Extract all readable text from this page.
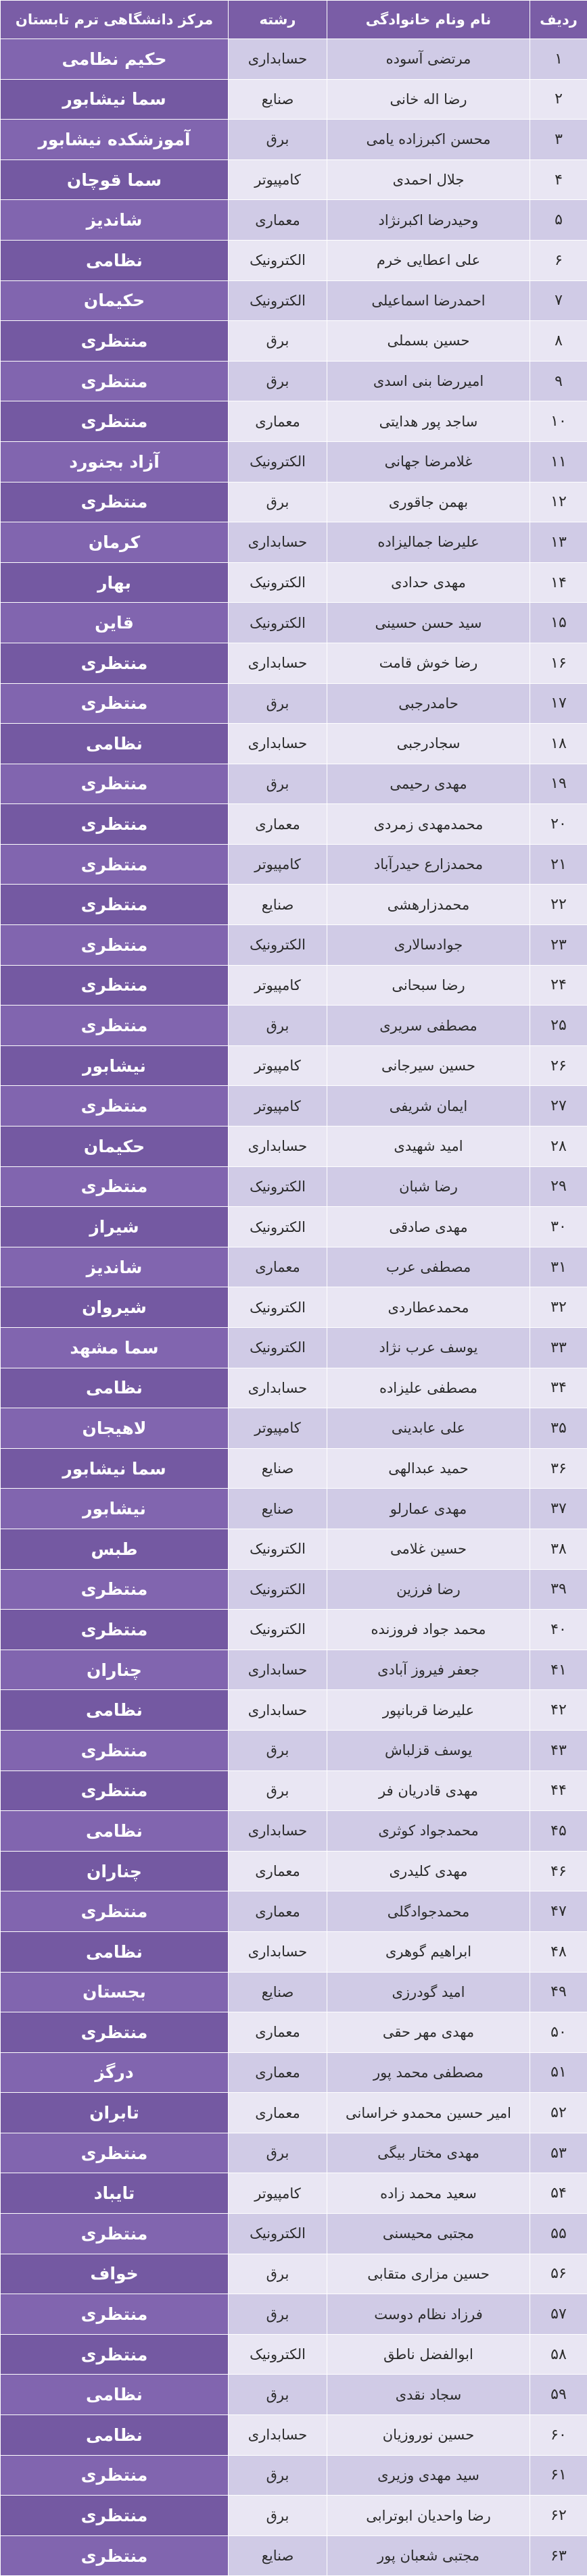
ردیف	نام ونام خانوادگی	رشته	مرکز دانشگاهی ترم تابستان
۱	مرتضی آسوده	حسابداری	حکیم نظامی
۲	رضا اله خانی	صنایع	سما نیشابور
۳	محسن اکبرزاده یامی	برق	آموزشکده نیشابور
۴	جلال احمدی	کامپیوتر	سما قوچان
۵	وحیدرضا اکبرنژاد	معماری	شاندیز
۶	علی اعطایی خرم	الکترونیک	نظامی
۷	احمدرضا اسماعیلی	الکترونیک	حکیمان
۸	حسین بسملی	برق	منتظری
۹	امیررضا بنی اسدی	برق	منتظری
۱۰	ساجد پور هدایتی	معماری	منتظری
۱۱	غلامرضا جهانی	الکترونیک	آزاد بجنورد
۱۲	بهمن جاقوری	برق	منتظری
۱۳	علیرضا جمالیزاده	حسابداری	کرمان
۱۴	مهدی حدادی	الکترونیک	بهار
۱۵	سید حسن حسینی	الکترونیک	قاین
۱۶	رضا خوش قامت	حسابداری	منتظری
۱۷	حامدرجبی	برق	منتظری
۱۸	سجادرجبی	حسابداری	نظامی
۱۹	مهدی رحیمی	برق	منتظری
۲۰	محمدمهدی زمردی	معماری	منتظری
۲۱	محمدزارع حیدرآباد	کامپیوتر	منتظری
۲۲	محمدزارهشی	صنایع	منتظری
۲۳	جوادسالاری	الکترونیک	منتظری
۲۴	رضا سبحانی	کامپیوتر	منتظری
۲۵	مصطفی سریری	برق	منتظری
۲۶	حسین سیرجانی	کامپیوتر	نیشابور
۲۷	ایمان شریفی	کامپیوتر	منتظری
۲۸	امید شهیدی	حسابداری	حکیمان
۲۹	رضا شبان	الکترونیک	منتظری
۳۰	مهدی صادقی	الکترونیک	شیراز
۳۱	مصطفی عرب	معماری	شاندیز
۳۲	محمدعطاردی	الکترونیک	شیروان
۳۳	یوسف عرب نژاد	الکترونیک	سما مشهد
۳۴	مصطفی علیزاده	حسابداری	نظامی
۳۵	علی عابدینی	کامپیوتر	لاهیجان
۳۶	حمید عبدالهی	صنایع	سما نیشابور
۳۷	مهدی عمارلو	صنایع	نیشابور
۳۸	حسین غلامی	الکترونیک	طبس
۳۹	رضا فرزین	الکترونیک	منتظری
۴۰	محمد جواد فروزنده	الکترونیک	منتظری
۴۱	جعفر فیروز آبادی	حسابداری	چناران
۴۲	علیرضا قربانپور	حسابداری	نظامی
۴۳	یوسف قزلباش	برق	منتظری
۴۴	مهدی قادریان فر	برق	منتظری
۴۵	محمدجواد کوثری	حسابداری	نظامی
۴۶	مهدی کلیدری	معماری	چناران
۴۷	محمدجوادگلی	معماری	منتظری
۴۸	ابراهیم گوهری	حسابداری	نظامی
۴۹	امید گودرزی	صنایع	بجستان
۵۰	مهدی مهر حقی	معماری	منتظری
۵۱	مصطفی محمد پور	معماری	درگز
۵۲	امیر حسین محمدو خراسانی	معماری	تابران
۵۳	مهدی مختار بیگی	برق	منتظری
۵۴	سعید محمد زاده	کامپیوتر	تایباد
۵۵	مجتبی محیسنی	الکترونیک	منتظری
۵۶	حسین مزاری متقابی	برق	خواف
۵۷	فرزاد نظام دوست	برق	منتظری
۵۸	ابوالفضل ناطق	الکترونیک	منتظری
۵۹	سجاد نقدی	برق	نظامی
۶۰	حسین نوروزیان	حسابداری	نظامی
۶۱	سید مهدی وزیری	برق	منتظری
۶۲	رضا واحدیان ابوترابی	برق	منتظری
۶۳	مجتبی شعبان پور	صنایع	منتظری
